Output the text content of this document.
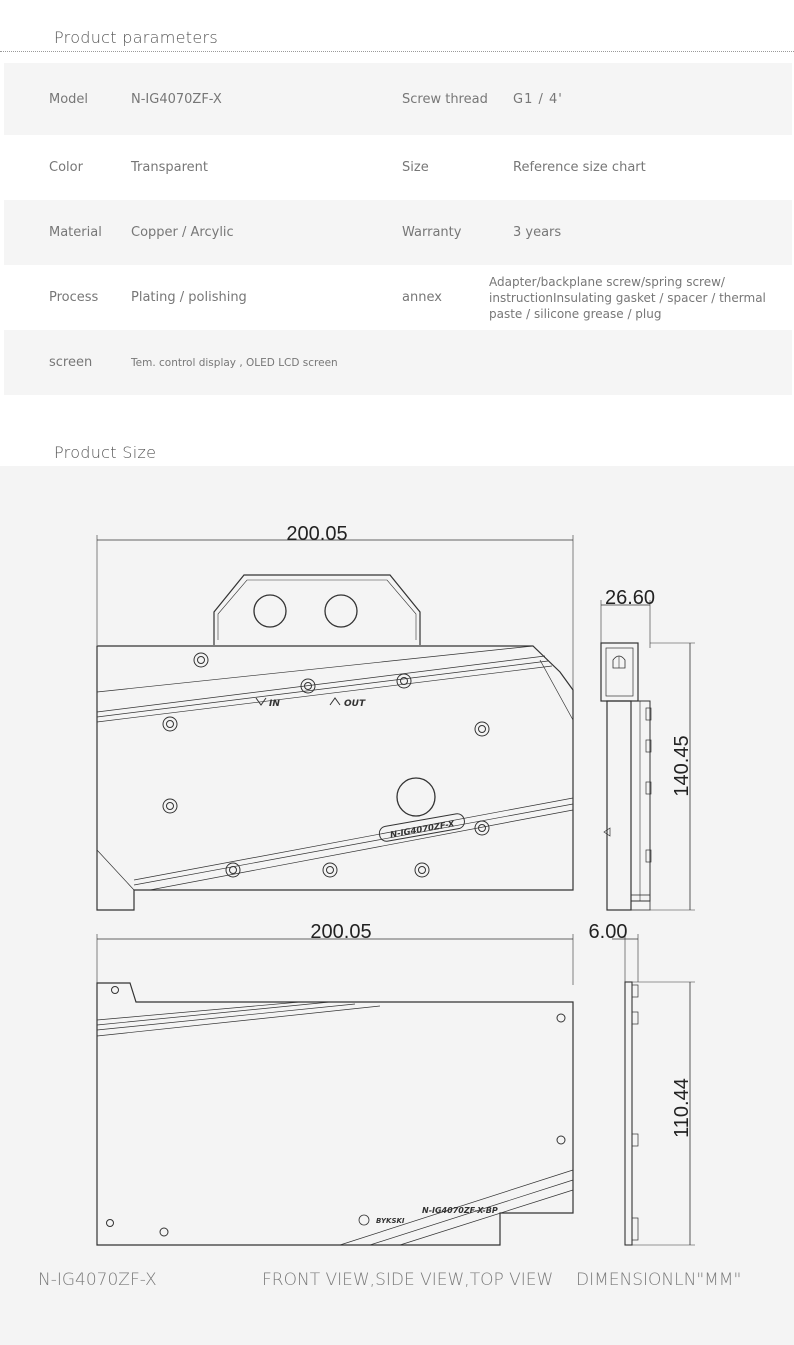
Product parameters
Model	N-IG4070ZF-X	Screw thread G1 / 4'
Color	Transparent	Size	Reference size chart
Material Copper / Arcylic	Warranty	3 years
Process	Plating / polishing	annex
Adapter/backplane screw/spring screw/ instructionInsulating gasket / spacer / thermal paste / silicone grease / plug
screen	Tem. control display , OLED LCD screen
Product Size
200.05
26.60
140.45
200.05	6.00
110.44
IN	OUT
N-IG4070ZF-X
BYKSKI
N-IG4070ZF-X-BP
N-IG4070ZF-X	FRONT VIEW,SIDE VIEW,TOP VIEW DIMENSIONLN"MM"
